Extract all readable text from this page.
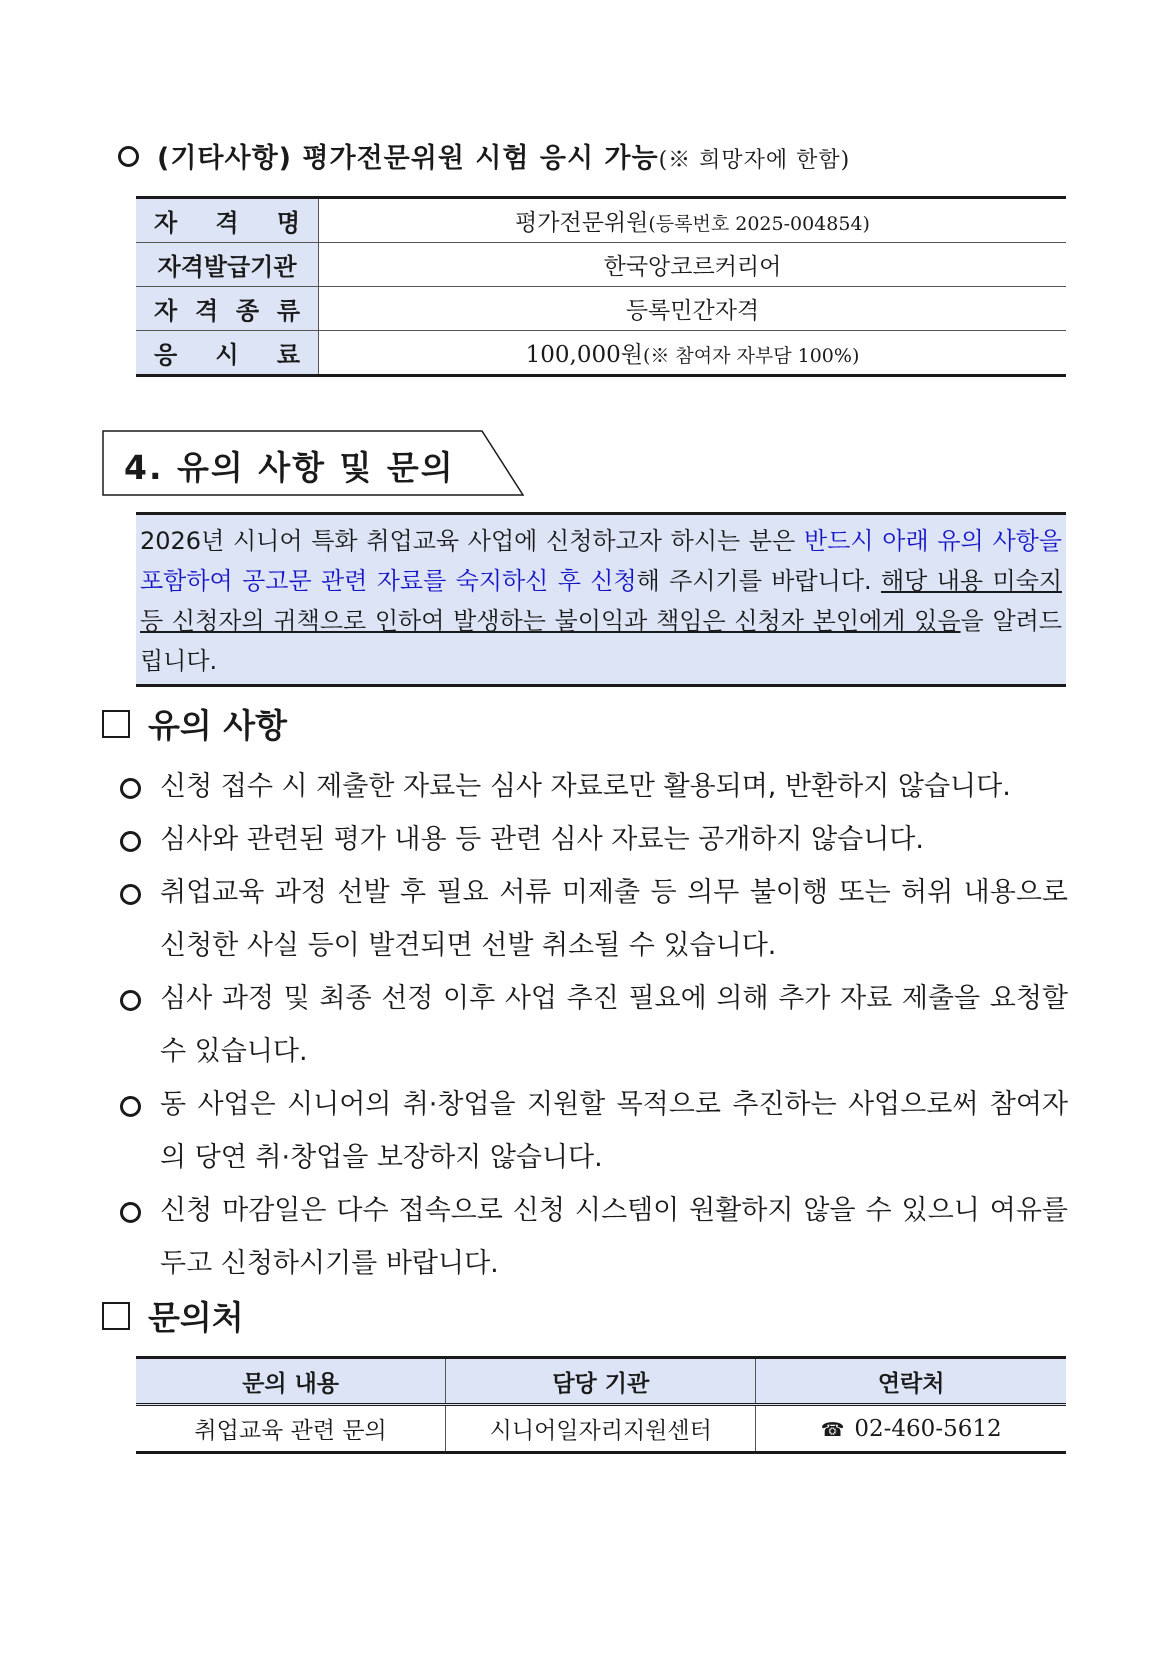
(기타사항) 평가전문위원 시험 응시 가능(※ 희망자에 한함)
자 격 명	평가전문위원(등록번호 2025-004854)
자격발급기관	한국앙코르커리어

자 격 종 류	등록민간자격

응 시 료	100,000원(※ 참여자 자부담 100%)
4. 유의 사항 및 문의
2026년 시니어 특화 취업교육 사업에 신청하고자 하시는 분은 반드시 아래 유의 사항을 포함하여 공고문 관련 자료를 숙지하신 후 신청해 주시기를 바랍니다. 해당 내용 미숙지 등 신청자의 귀책으로 인하여 발생하는 불이익과 책임은 신청자 본인에게 있음을 알려드립니다.
유의 사항
신청 접수 시 제출한 자료는 심사 자료로만 활용되며, 반환하지 않습니다.
심사와 관련된 평가 내용 등 관련 심사 자료는 공개하지 않습니다.
취업교육 과정 선발 후 필요 서류 미제출 등 의무 불이행 또는 허위 내용으로 신청한 사실 등이 발견되면 선발 취소될 수 있습니다.
심사 과정 및 최종 선정 이후 사업 추진 필요에 의해 추가 자료 제출을 요청할 수 있습니다.
동 사업은 시니어의 취·창업을 지원할 목적으로 추진하는 사업으로써 참여자의 당연 취·창업을 보장하지 않습니다.
신청 마감일은 다수 접속으로 신청 시스템이 원활하지 않을 수 있으니 여유를 두고 신청하시기를 바랍니다.
문의처
문의 내용	담당 기관	연락처
취업교육 관련 문의	시니어일자리지원센터	☎ 02-460-5612
